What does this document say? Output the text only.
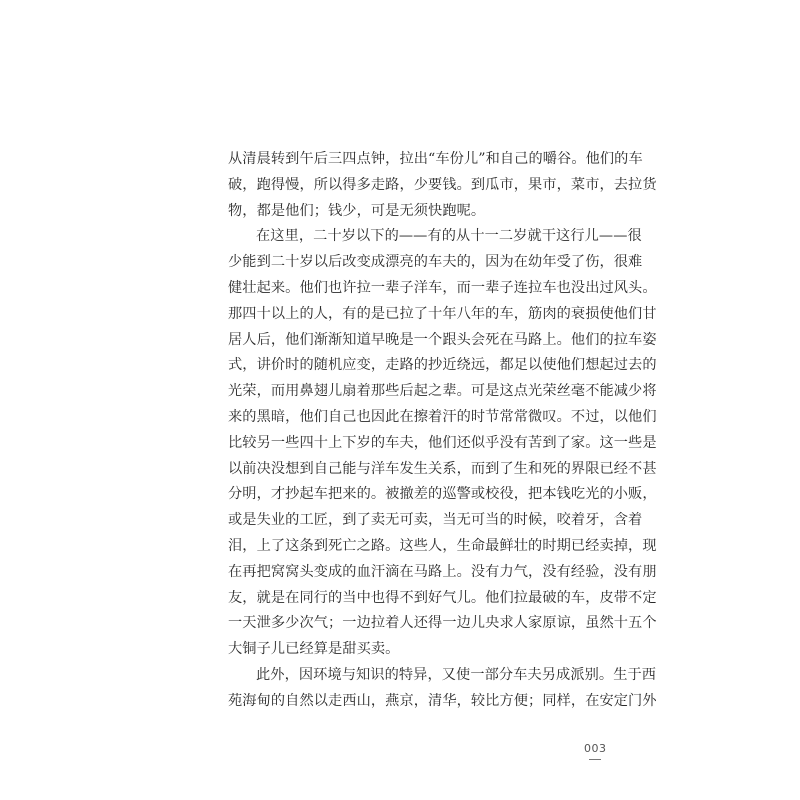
从清晨转到午后三四点钟，拉出“车份儿”和自己的嚼谷。他们的车
破，跑得慢，所以得多走路，少要钱。到瓜市，果市，菜市，去拉货
物，都是他们；钱少，可是无须快跑呢。
在这里，二十岁以下的——有的从十一二岁就干这行儿——很
少能到二十岁以后改变成漂亮的车夫的，因为在幼年受了伤，很难
健壮起来。他们也许拉一辈子洋车，而一辈子连拉车也没出过风头。
那四十以上的人，有的是已拉了十年八年的车，筋肉的衰损使他们甘
居人后，他们渐渐知道早晚是一个跟头会死在马路上。他们的拉车姿
式，讲价时的随机应变，走路的抄近绕远，都足以使他们想起过去的
光荣，而用鼻翅儿扇着那些后起之辈。可是这点光荣丝毫不能减少将
来的黑暗，他们自己也因此在擦着汗的时节常常微叹。不过，以他们
比较另一些四十上下岁的车夫，他们还似乎没有苦到了家。这一些是
以前决没想到自己能与洋车发生关系，而到了生和死的界限已经不甚
分明，才抄起车把来的。被撤差的巡警或校役，把本钱吃光的小贩，
或是失业的工匠，到了卖无可卖，当无可当的时候，咬着牙，含着
泪，上了这条到死亡之路。这些人，生命最鲜壮的时期已经卖掉，现
在再把窝窝头变成的血汗滴在马路上。没有力气，没有经验，没有朋
友，就是在同行的当中也得不到好气儿。他们拉最破的车，皮带不定
一天泄多少次气；一边拉着人还得一边儿央求人家原谅，虽然十五个
大铜子儿已经算是甜买卖。
此外，因环境与知识的特异，又使一部分车夫另成派别。生于西
苑海甸的自然以走西山，燕京，清华，较比方便；同样，在安定门外
003
